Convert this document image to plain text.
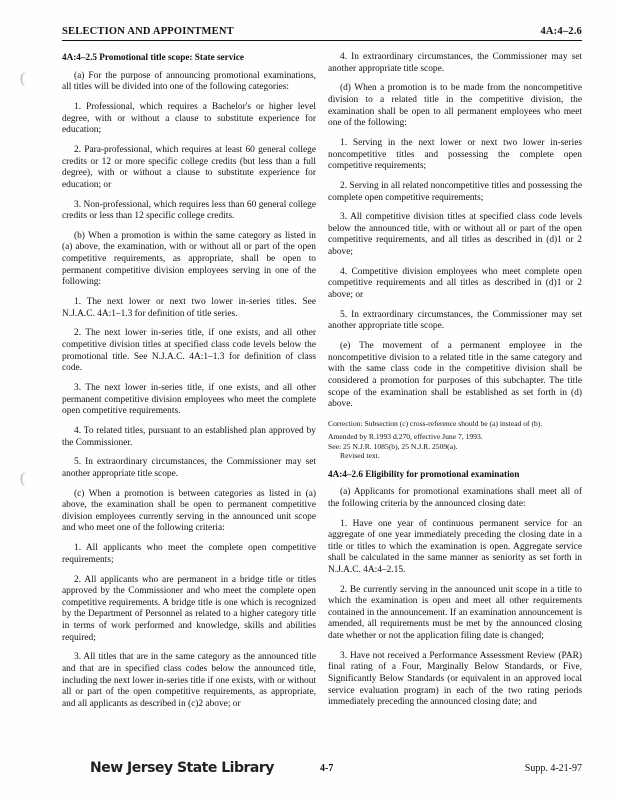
SELECTION AND APPOINTMENT	4A:4–2.6
(
(
4A:4–2.5 Promotional title scope: State service
(a) For the purpose of announcing promotional examinations, all titles will be divided into one of the following categories:
1. Professional, which requires a Bachelor's or higher level degree, with or without a clause to substitute experience for education;
2. Para-professional, which requires at least 60 general college credits or 12 or more specific college credits (but less than a full degree), with or without a clause to substitute experience for education; or
3. Non-professional, which requires less than 60 general college credits or less than 12 specific college credits.
(b) When a promotion is within the same category as listed in (a) above, the examination, with or without all or part of the open competitive requirements, as appropriate, shall be open to permanent competitive division employees serving in one of the following:
1. The next lower or next two lower in-series titles. See N.J.A.C. 4A:1–1.3 for definition of title series.
2. The next lower in-series title, if one exists, and all other competitive division titles at specified class code levels below the promotional title. See N.J.A.C. 4A:1–1.3 for definition of class code.
3. The next lower in-series title, if one exists, and all other permanent competitive division employees who meet the complete open competitive requirements.
4. To related titles, pursuant to an established plan approved by the Commissioner.
5. In extraordinary circumstances, the Commissioner may set another appropriate title scope.
(c) When a promotion is between categories as listed in (a) above, the examination shall be open to permanent competitive division employees currently serving in the announced unit scope and who meet one of the following criteria:
1. All applicants who meet the complete open competitive requirements;
2. All applicants who are permanent in a bridge title or titles approved by the Commissioner and who meet the complete open competitive requirements. A bridge title is one which is recognized by the Department of Personnel as related to a higher category title in terms of work performed and knowledge, skills and abilities required;
3. All titles that are in the same category as the announced title and that are in specified class codes below the announced title, including the next lower in-series title if one exists, with or without all or part of the open competitive requirements, as appropriate, and all applicants as described in (c)2 above; or
4. In extraordinary circumstances, the Commissioner may set another appropriate title scope.
(d) When a promotion is to be made from the noncompetitive division to a related title in the competitive division, the examination shall be open to all permanent employees who meet one of the following:
1. Serving in the next lower or next two lower in-series noncompetitive titles and possessing the complete open competitive requirements;
2. Serving in all related noncompetitive titles and possessing the complete open competitive requirements;
3. All competitive division titles at specified class code levels below the announced title, with or without all or part of the open competitive requirements, and all titles as described in (d)1 or 2 above;
4. Competitive division employees who meet complete open competitive requirements and all titles as described in (d)1 or 2 above; or
5. In extraordinary circumstances, the Commissioner may set another appropriate title scope.
(e) The movement of a permanent employee in the noncompetitive division to a related title in the same category and with the same class code in the competitive division shall be considered a promotion for purposes of this subchapter. The title scope of the examination shall be established as set forth in (d) above.
Correction: Subsection (c) cross-reference should be (a) instead of (b).
Amended by R.1993 d.270, effective June 7, 1993.
See: 25 N.J.R. 1085(b), 25 N.J.R. 2509(a).
Revised text.
4A:4–2.6 Eligibility for promotional examination
(a) Applicants for promotional examinations shall meet all of the following criteria by the announced closing date:
1. Have one year of continuous permanent service for an aggregate of one year immediately preceding the closing date in a title or titles to which the examination is open. Aggregate service shall be calculated in the same manner as seniority as set forth in N.J.A.C. 4A:4–2.15.
2. Be currently serving in the announced unit scope in a title to which the examination is open and meet all other requirements contained in the announcement. If an examination announcement is amended, all requirements must be met by the announced closing date whether or not the application filing date is changed;
3. Have not received a Performance Assessment Review (PAR) final rating of a Four, Marginally Below Standards, or Five, Significantly Below Standards (or equivalent in an approved local service evaluation program) in each of the two rating periods immediately preceding the announced closing date; and
New Jersey State Library	4-7	Supp. 4-21-97
